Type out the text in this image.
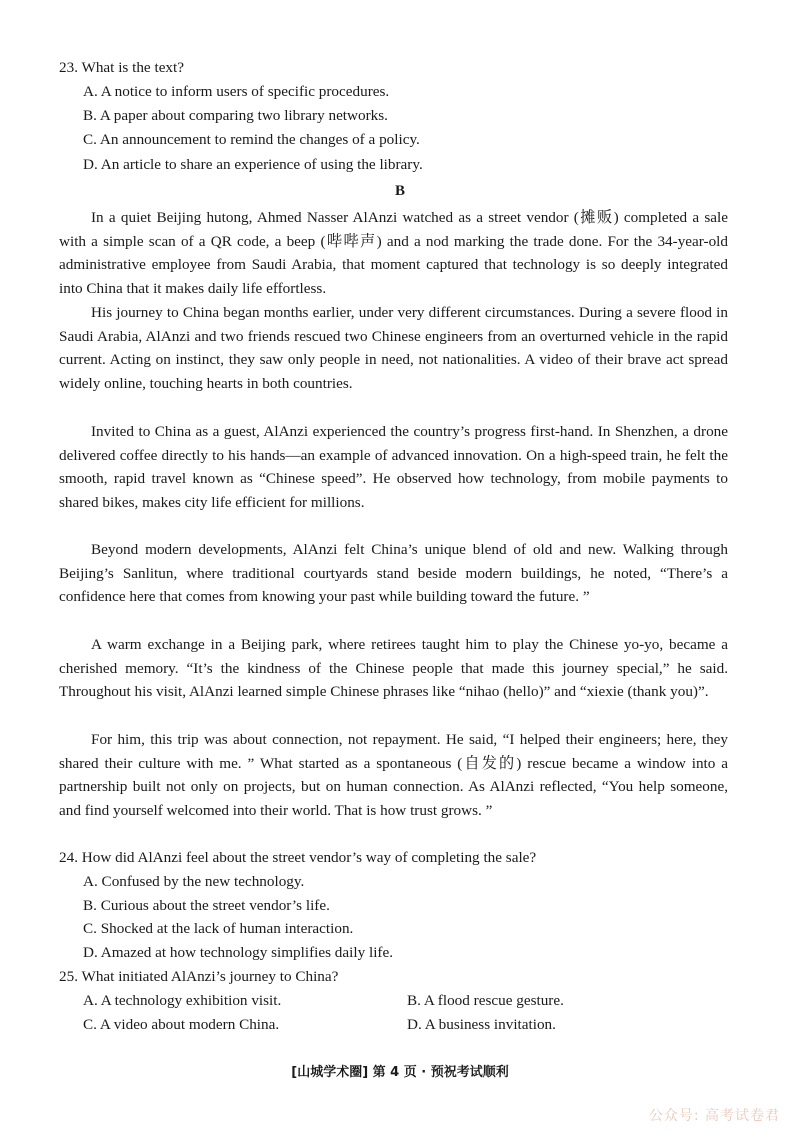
23. What is the text?
A. A notice to inform users of specific procedures.
B. A paper about comparing two library networks.
C. An announcement to remind the changes of a policy.
D. An article to share an experience of using the library.
B

In a quiet Beijing hutong, Ahmed Nasser AlAnzi watched as a street vendor (摊贩) completed a sale with a simple scan of a QR code, a beep (哔哔声) and a nod marking the trade done. For the 34-year-old administrative employee from Saudi Arabia, that moment captured that technology is so deeply integrated into China that it makes daily life effortless.

His journey to China began months earlier, under very different circumstances. During a severe flood in Saudi Arabia, AlAnzi and two friends rescued two Chinese engineers from an overturned vehicle in the rapid current. Acting on instinct, they saw only people in need, not nationalities. A video of their brave act spread widely online, touching hearts in both countries.

Invited to China as a guest, AlAnzi experienced the country’s progress first-hand. In Shenzhen, a drone delivered coffee directly to his hands—an example of advanced innovation. On a high-speed train, he felt the smooth, rapid travel known as “Chinese speed”. He observed how technology, from mobile payments to shared bikes, makes city life efficient for millions.

Beyond modern developments, AlAnzi felt China’s unique blend of old and new. Walking through Beijing’s Sanlitun, where traditional courtyards stand beside modern buildings, he noted, “There’s a confidence here that comes from knowing your past while building toward the future. ”

A warm exchange in a Beijing park, where retirees taught him to play the Chinese yo-yo, became a cherished memory. “It’s the kindness of the Chinese people that made this journey special,” he said. Throughout his visit, AlAnzi learned simple Chinese phrases like “nihao (hello)” and “xiexie (thank you)”.

For him, this trip was about connection, not repayment. He said, “I helped their engineers; here, they shared their culture with me. ” What started as a spontaneous (自发的) rescue became a window into a partnership built not only on projects, but on human connection. As AlAnzi reflected, “You help someone, and find yourself welcomed into their world. That is how trust grows. ”

24. How did AlAnzi feel about the street vendor’s way of completing the sale?
A. Confused by the new technology.
B. Curious about the street vendor’s life.
C. Shocked at the lack of human interaction.
D. Amazed at how technology simplifies daily life.
25. What initiated AlAnzi’s journey to China?
A. A technology exhibition visit.	B. A flood rescue gesture.
C. A video about modern China.	D. A business invitation.
[山城学术圈] 第 4 页 · 预祝考试顺利
公众号: 高考试卷君
